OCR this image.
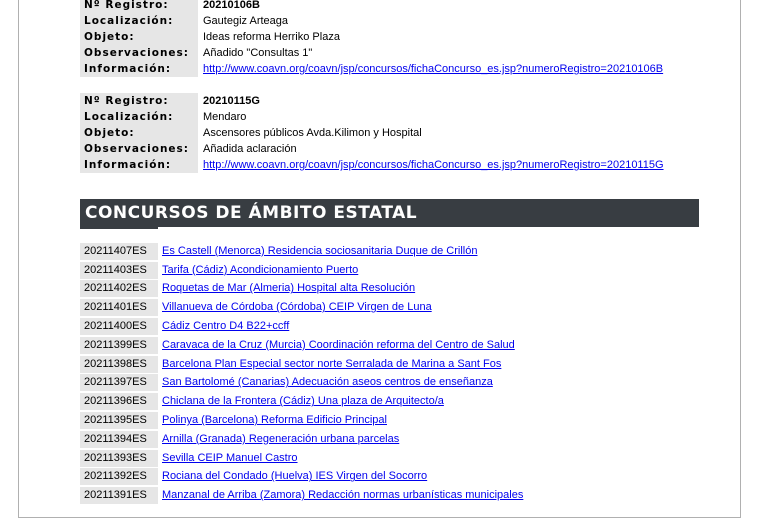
Nº Registro:	20210106B
Localización:	Gautegiz Arteaga
Objeto:	Ideas reforma Herriko Plaza
Observaciones:	Añadido "Consultas 1"
Información:	http://www.coavn.org/coavn/jsp/concursos/fichaConcurso_es.jsp?numeroRegistro=20210106B
Nº Registro:	20210115G
Localización:	Mendaro
Objeto:	Ascensores públicos Avda.Kilimon y Hospital
Observaciones:	Añadida aclaración
Información:	http://www.coavn.org/coavn/jsp/concursos/fichaConcurso_es.jsp?numeroRegistro=20210115G
CONCURSOS DE ÁMBITO ESTATAL
20211407ES	Es Castell (Menorca) Residencia sociosanitaria Duque de Crillón
20211403ES	Tarifa (Cádiz) Acondicionamiento Puerto
20211402ES	Roquetas de Mar (Almeria) Hospital alta Resolución
20211401ES	Villanueva de Córdoba (Córdoba) CEIP Virgen de Luna
20211400ES	Cádiz Centro D4 B22+ccff
20211399ES	Caravaca de la Cruz (Murcia) Coordinación reforma del Centro de Salud
20211398ES	Barcelona Plan Especial sector norte Serralada de Marina a Sant Fos
20211397ES	San Bartolomé (Canarias) Adecuación aseos centros de enseñanza
20211396ES	Chiclana de la Frontera (Cádiz) Una plaza de Arquitecto/a
20211395ES	Polinya (Barcelona) Reforma Edificio Principal
20211394ES	Arnilla (Granada) Regeneración urbana parcelas
20211393ES	Sevilla CEIP Manuel Castro
20211392ES	Rociana del Condado (Huelva) IES Virgen del Socorro
20211391ES	Manzanal de Arriba (Zamora) Redacción normas urbanísticas municipales
